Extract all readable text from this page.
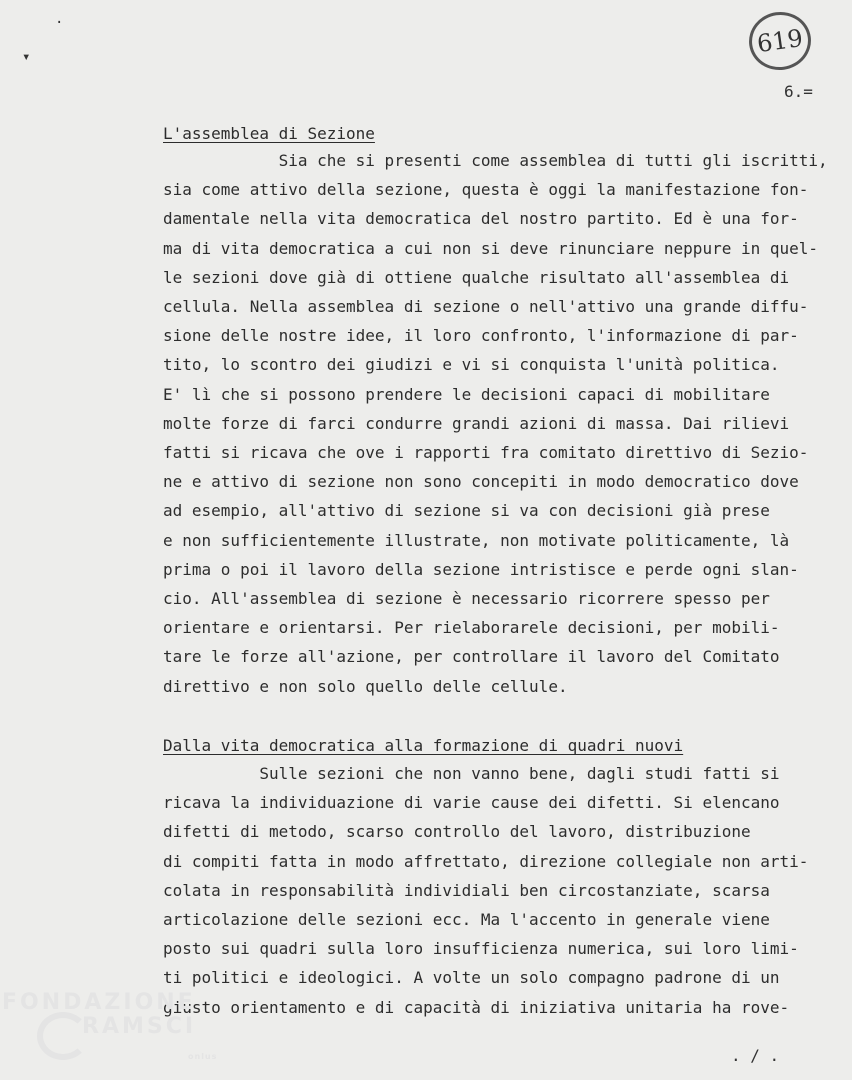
·
▾	619
6.=
L'assemblea di Sezione
Sia che si presenti come assemblea di tutti gli iscritti,
sia come attivo della sezione, questa è oggi la manifestazione fon-
damentale nella vita democratica del nostro partito. Ed è una for-
ma di vita democratica a cui non si deve rinunciare neppure in quel-
le sezioni dove già di ottiene qualche risultato all'assemblea di
cellula. Nella assemblea di sezione o nell'attivo una grande diffu-
sione delle nostre idee, il loro confronto, l'informazione di par-
tito, lo scontro dei giudizi e vi si conquista l'unità politica.
E' lì che si possono prendere le decisioni capaci di mobilitare
molte forze di farci condurre grandi azioni di massa. Dai rilievi
fatti si ricava che ove i rapporti fra comitato direttivo di Sezio-
ne e attivo di sezione non sono concepiti in modo democratico dove
ad esempio, all'attivo di sezione si va con decisioni già prese
e non sufficientemente illustrate, non motivate politicamente, là
prima o poi il lavoro della sezione intristisce e perde ogni slan-
cio. All'assemblea di sezione è necessario ricorrere spesso per
orientare e orientarsi. Per rielaborarele decisioni, per mobili-
tare le forze all'azione, per controllare il lavoro del Comitato
direttivo e non solo quello delle cellule.
Dalla vita democratica alla formazione di quadri nuovi
Sulle sezioni che non vanno bene, dagli studi fatti si
ricava la individuazione di varie cause dei difetti. Si elencano
difetti di metodo, scarso controllo del lavoro, distribuzione
di compiti fatta in modo affrettato, direzione collegiale non arti-
colata in responsabilità individiali ben circostanziate, scarsa
articolazione delle sezioni ecc. Ma l'accento in generale viene
posto sui quadri sulla loro insufficienza numerica, sui loro limi-
ti politici e ideologici. A volte un solo compagno padrone di un
giusto orientamento e di capacità di iniziativa unitaria ha rove-
FONDAZIONE
RAMSCI
onlus	. / .
